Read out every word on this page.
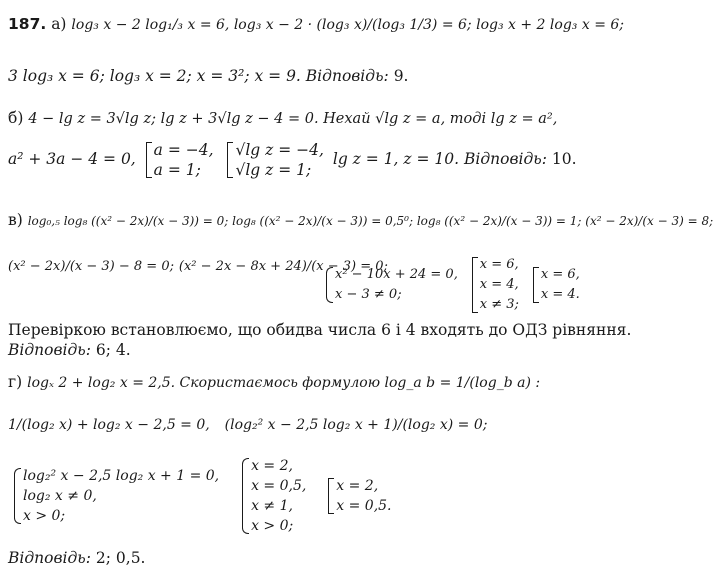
187. а) log₃ x − 2 log₁/₃ x = 6, log₃ x − 2 · (log₃ x)/(log₃ 1/3) = 6; log₃ x + 2 log₃ x = 6;
3 log₃ x = 6; log₃ x = 2; x = 3²; x = 9. Відповідь: 9.
б) 4 − lg z = 3√lg z; lg z + 3√lg z − 4 = 0. Нехай √lg z = a, тоді lg z = a²,
a² + 3a − 4 = 0, a = −4,
a = 1;

√lg z = −4,
√lg z = 1;
lg z = 1, z = 10. Відповідь: 10.
в) log₀,₅ log₈ ((x² − 2x)/(x − 3)) = 0; log₈ ((x² − 2x)/(x − 3)) = 0,5⁰; log₈ ((x² − 2x)/(x − 3)) = 1; (x² − 2x)/(x − 3) = 8;
(x² − 2x)/(x − 3) − 8 = 0; (x² − 2x − 8x + 24)/(x − 3) = 0;
x² − 10x + 24 = 0,
x − 3 ≠ 0;

x = 6,
x = 4,
x ≠ 3;

x = 6,
x = 4.
Перевіркою встановлюємо, що обидва числа 6 і 4 входять до ОДЗ рівняння.
Відповідь: 6; 4.
г) logₓ 2 + log₂ x = 2,5. Скористаємось формулою log_a b = 1/(log_b a) :
1/(log₂ x) + log₂ x − 2,5 = 0, (log₂² x − 2,5 log₂ x + 1)/(log₂ x) = 0;
log₂² x − 2,5 log₂ x + 1 = 0,
log₂ x ≠ 0,
x > 0;

x = 2,
x = 0,5,
x ≠ 1,
x > 0;

x = 2,
x = 0,5.
Відповідь: 2; 0,5.
